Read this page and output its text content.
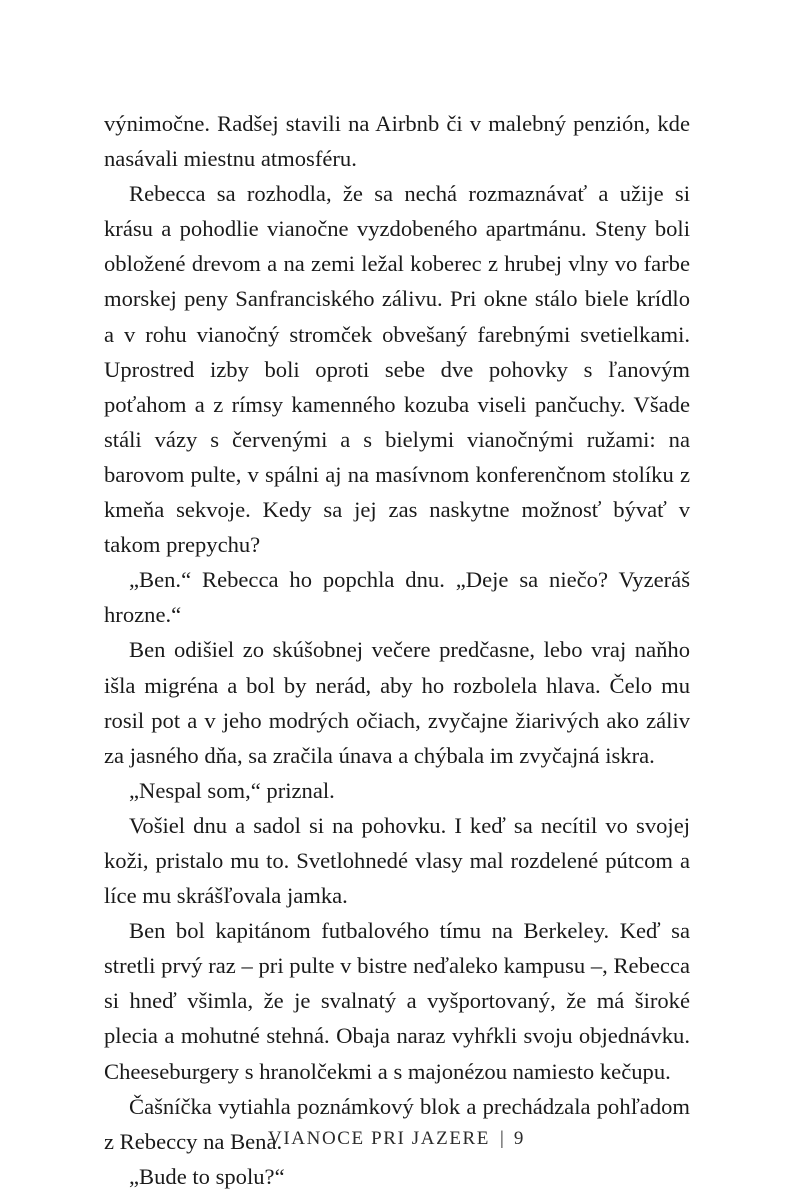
výnimočne. Radšej stavili na Airbnb či v malebný penzión, kde nasávali miestnu atmosféru.

Rebecca sa rozhodla, že sa nechá rozmaznávať a užije si krásu a pohodlie vianočne vyzdobeného apartmánu. Steny boli obložené drevom a na zemi ležal koberec z hrubej vlny vo farbe morskej peny Sanfranciského zálivu. Pri okne stálo biele krídlo a v rohu vianočný stromček obvešaný farebnými svetielkami. Uprostred izby boli oproti sebe dve pohovky s ľanovým poťahom a z rímsy kamenného kozuba viseli pančuchy. Všade stáli vázy s červenými a s bielymi vianočnými ružami: na barovom pulte, v spálni aj na masívnom konferenčnom stolíku z kmeňa sekvoje. Kedy sa jej zas naskytne možnosť bývať v takom prepychu?

„Ben.“ Rebecca ho popchla dnu. „Deje sa niečo? Vyzeráš hrozne.“

Ben odišiel zo skúšobnej večere predčasne, lebo vraj naňho išla migréna a bol by nerád, aby ho rozbolela hlava. Čelo mu rosil pot a v jeho modrých očiach, zvyčajne žiarivých ako záliv za jasného dňa, sa zračila únava a chýbala im zvyčajná iskra.

„Nespal som,“ priznal.

Vošiel dnu a sadol si na pohovku. I keď sa necítil vo svojej koži, pristalo mu to. Svetlohnedé vlasy mal rozdelené pútcom a líce mu skrášľovala jamka.

Ben bol kapitánom futbalového tímu na Berkeley. Keď sa stretli prvý raz – pri pulte v bistre neďaleko kampusu –, Rebecca si hneď všimla, že je svalnatý a vyšportovaný, že má široké plecia a mohutné stehná. Obaja naraz vyhŕkli svoju objednávku. Cheeseburgery s hranolčekmi a s majonézou namiesto kečupu.

Čašníčka vytiahla poznámkový blok a prechádzala pohľadom z Rebeccy na Bena.

„Bude to spolu?“

VIANOCE PRI JAZERE | 9
